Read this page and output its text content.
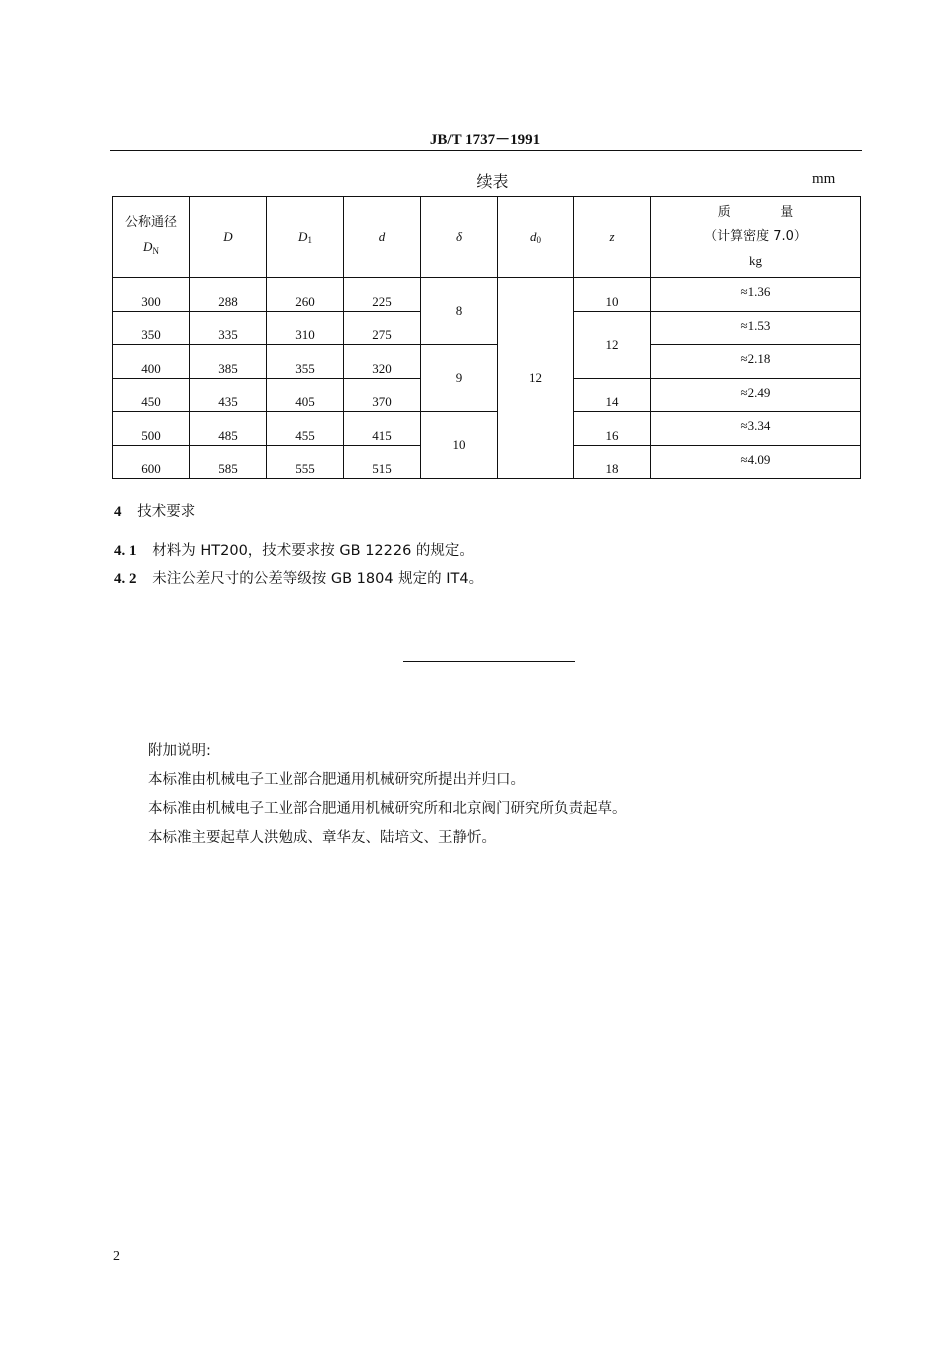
JB/T 1737－1991
续表	mm
公称通径
$D_N$	D	$D_1$	d	δ	$d_0$	z	质            量
（计算密度 7.0）
kg

300	288	260	225	8	12	10	≈1.36
350	335	310	275			12	≈1.53
400	385	355	320	9			≈2.18
450	435	405	370			14	≈2.49
500	485	455	415	10		16	≈3.34
600	585	555	515			18	≈4.09
4 技术要求
4. 1 材料为 HT200，技术要求按 GB 12226 的规定。
4. 2 未注公差尺寸的公差等级按 GB 1804 规定的 IT4。
附加说明:
本标准由机械电子工业部合肥通用机械研究所提出并归口。
本标准由机械电子工业部合肥通用机械研究所和北京阀门研究所负责起草。
本标准主要起草人洪勉成、章华友、陆培文、王静忻。
2
